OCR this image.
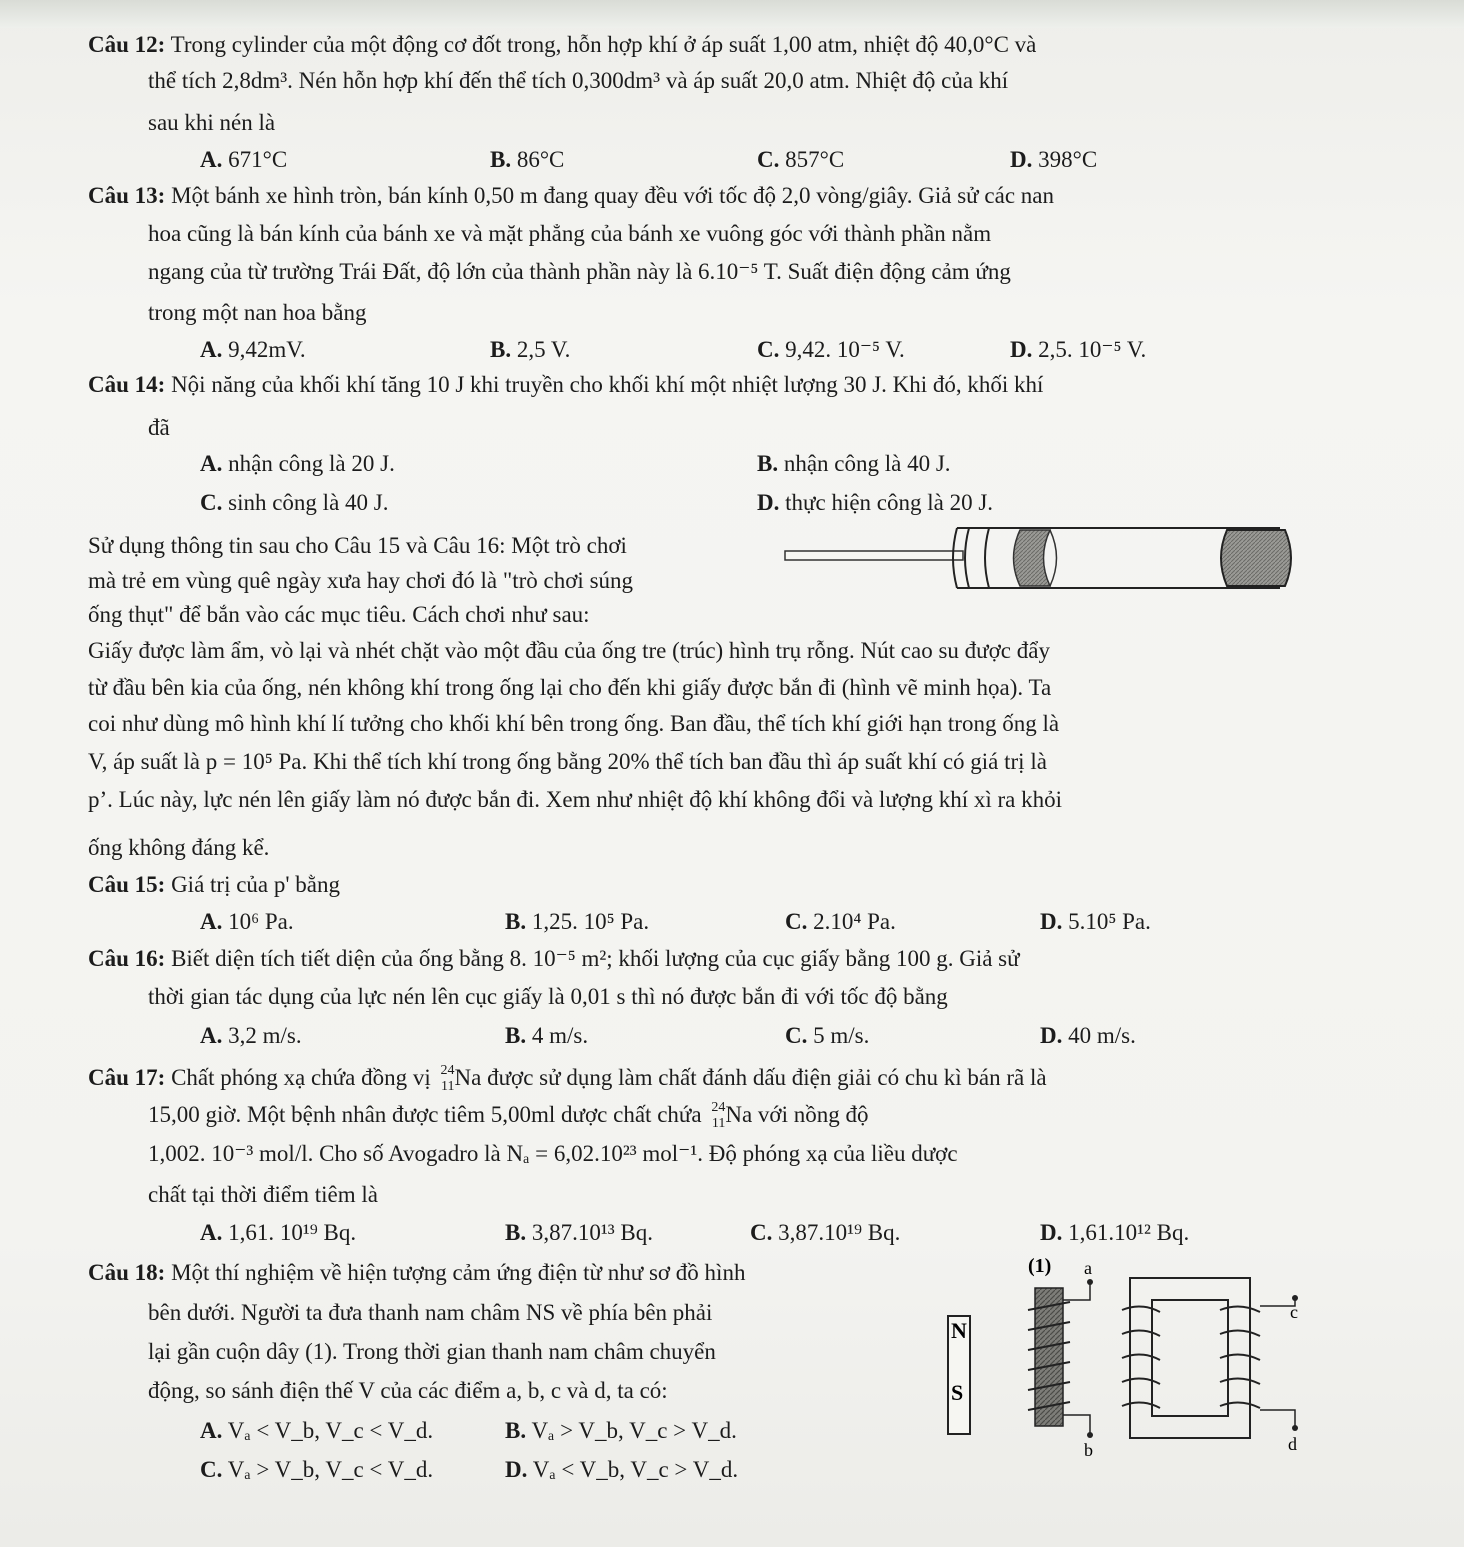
Câu 12: Trong cylinder của một động cơ đốt trong, hỗn hợp khí ở áp suất 1,00 atm, nhiệt độ 40,0°C và
thể tích 2,8dm³. Nén hỗn hợp khí đến thể tích 0,300dm³ và áp suất 20,0 atm. Nhiệt độ của khí
sau khi nén là
A. 671°C	B. 86°C	C. 857°C	D. 398°C
Câu 13: Một bánh xe hình tròn, bán kính 0,50 m đang quay đều với tốc độ 2,0 vòng/giây. Giả sử các nan
hoa cũng là bán kính của bánh xe và mặt phẳng của bánh xe vuông góc với thành phần nằm
ngang của từ trường Trái Đất, độ lớn của thành phần này là 6.10⁻⁵ T. Suất điện động cảm ứng
trong một nan hoa bằng
A. 9,42mV.	B. 2,5 V.	C. 9,42. 10⁻⁵ V.	D. 2,5. 10⁻⁵ V.
Câu 14: Nội năng của khối khí tăng 10 J khi truyền cho khối khí một nhiệt lượng 30 J. Khi đó, khối khí
đã
A. nhận công là 20 J.	B. nhận công là 40 J.
C. sinh công là 40 J.	D. thực hiện công là 20 J.
Sử dụng thông tin sau cho Câu 15 và Câu 16: Một trò chơi
mà trẻ em vùng quê ngày xưa hay chơi đó là "trò chơi súng
ống thụt" để bắn vào các mục tiêu. Cách chơi như sau:
Giấy được làm ẩm, vò lại và nhét chặt vào một đầu của ống tre (trúc) hình trụ rỗng. Nút cao su được đẩy
từ đầu bên kia của ống, nén không khí trong ống lại cho đến khi giấy được bắn đi (hình vẽ minh họa). Ta
coi như dùng mô hình khí lí tưởng cho khối khí bên trong ống. Ban đầu, thể tích khí giới hạn trong ống là
V, áp suất là p = 10⁵ Pa. Khi thể tích khí trong ống bằng 20% thể tích ban đầu thì áp suất khí có giá trị là
p’. Lúc này, lực nén lên giấy làm nó được bắn đi. Xem như nhiệt độ khí không đổi và lượng khí xì ra khỏi
ống không đáng kể.
Câu 15: Giá trị của p' bằng
A. 10⁶ Pa.	B. 1,25. 10⁵ Pa.	C. 2.10⁴ Pa.	D. 5.10⁵ Pa.
Câu 16: Biết diện tích tiết diện của ống bằng 8. 10⁻⁵ m²; khối lượng của cục giấy bằng 100 g. Giả sử
thời gian tác dụng của lực nén lên cục giấy là 0,01 s thì nó được bắn đi với tốc độ bằng
A. 3,2 m/s.	B. 4 m/s.	C. 5 m/s.	D. 40 m/s.
Câu 17: Chất phóng xạ chứa đồng vị 24
11 Na được sử dụng làm chất đánh dấu điện giải có chu kì bán rã là
15,00 giờ. Một bệnh nhân được tiêm 5,00ml dược chất chứa 24
11 Na với nồng độ
1,002. 10⁻³ mol/l. Cho số Avogadro là Nₐ = 6,02.10²³ mol⁻¹. Độ phóng xạ của liều dược
chất tại thời điểm tiêm là
A. 1,61. 10¹⁹ Bq.	B. 3,87.10¹³ Bq.	C. 3,87.10¹⁹ Bq.	D. 1,61.10¹² Bq.
Câu 18: Một thí nghiệm về hiện tượng cảm ứng điện từ như sơ đồ hình
bên dưới. Người ta đưa thanh nam châm NS về phía bên phải
lại gần cuộn dây (1). Trong thời gian thanh nam châm chuyển
động, so sánh điện thế V của các điểm a, b, c và d, ta có:
A. Vₐ < V_b, V_c < V_d.	B. Vₐ > V_b, V_c > V_d.
C. Vₐ > V_b, V_c < V_d.	D. Vₐ < V_b, V_c > V_d.
N
S
(1) a
b
c
d
